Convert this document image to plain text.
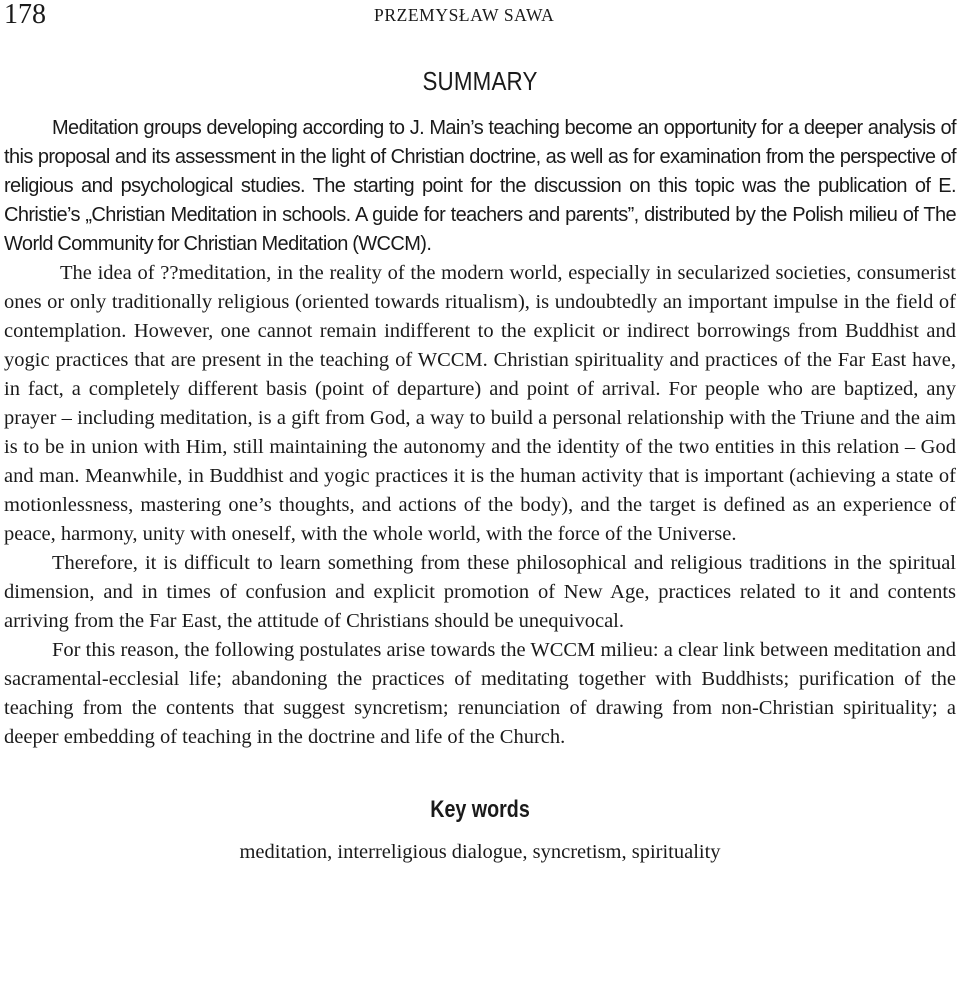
178	PRZEMYSŁAW SAWA
SUMMARY

Meditation groups developing according to J. Main’s teaching become an opportunity for a deeper analysis of this proposal and its assessment in the light of Christian doctrine, as well as for examination from the perspective of religious and psychological studies. The starting point for the discussion on this topic was the publication of E. Christie’s „Christian Meditation in schools. A guide for teachers and parents”, distributed by the Polish milieu of The World Community for Christian Meditation (WCCM).

The idea of ??meditation, in the reality of the modern world, especially in secularized societies, consumerist ones or only traditionally religious (oriented towards ritualism), is undoubtedly an important impulse in the field of contemplation. However, one cannot remain indifferent to the explicit or indirect borrowings from Buddhist and yogic practices that are present in the teaching of WCCM. Christian spirituality and practices of the Far East have, in fact, a completely different basis (point of departure) and point of arrival. For people who are baptized, any prayer – including meditation, is a gift from God, a way to build a personal relationship with the Triune and the aim is to be in union with Him, still maintaining the autonomy and the identity of the two entities in this relation – God and man. Meanwhile, in Buddhist and yogic practices it is the human activity that is important (achieving a state of motionlessness, mastering one’s thoughts, and actions of the body), and the target is defined as an experience of peace, harmony, unity with oneself, with the whole world, with the force of the Universe.

Therefore, it is difficult to learn something from these philosophical and religious traditions in the spiritual dimension, and in times of confusion and explicit promotion of New Age, practices related to it and contents arriving from the Far East, the attitude of Christians should be unequivocal.

For this reason, the following postulates arise towards the WCCM milieu: a clear link between meditation and sacramental-ecclesial life; abandoning the practices of meditating together with Buddhists; purification of the teaching from the contents that suggest syncretism; renunciation of drawing from non-Christian spirituality; a deeper embedding of teaching in the doctrine and life of the Church.

Key words
meditation, interreligious dialogue, syncretism, spirituality
